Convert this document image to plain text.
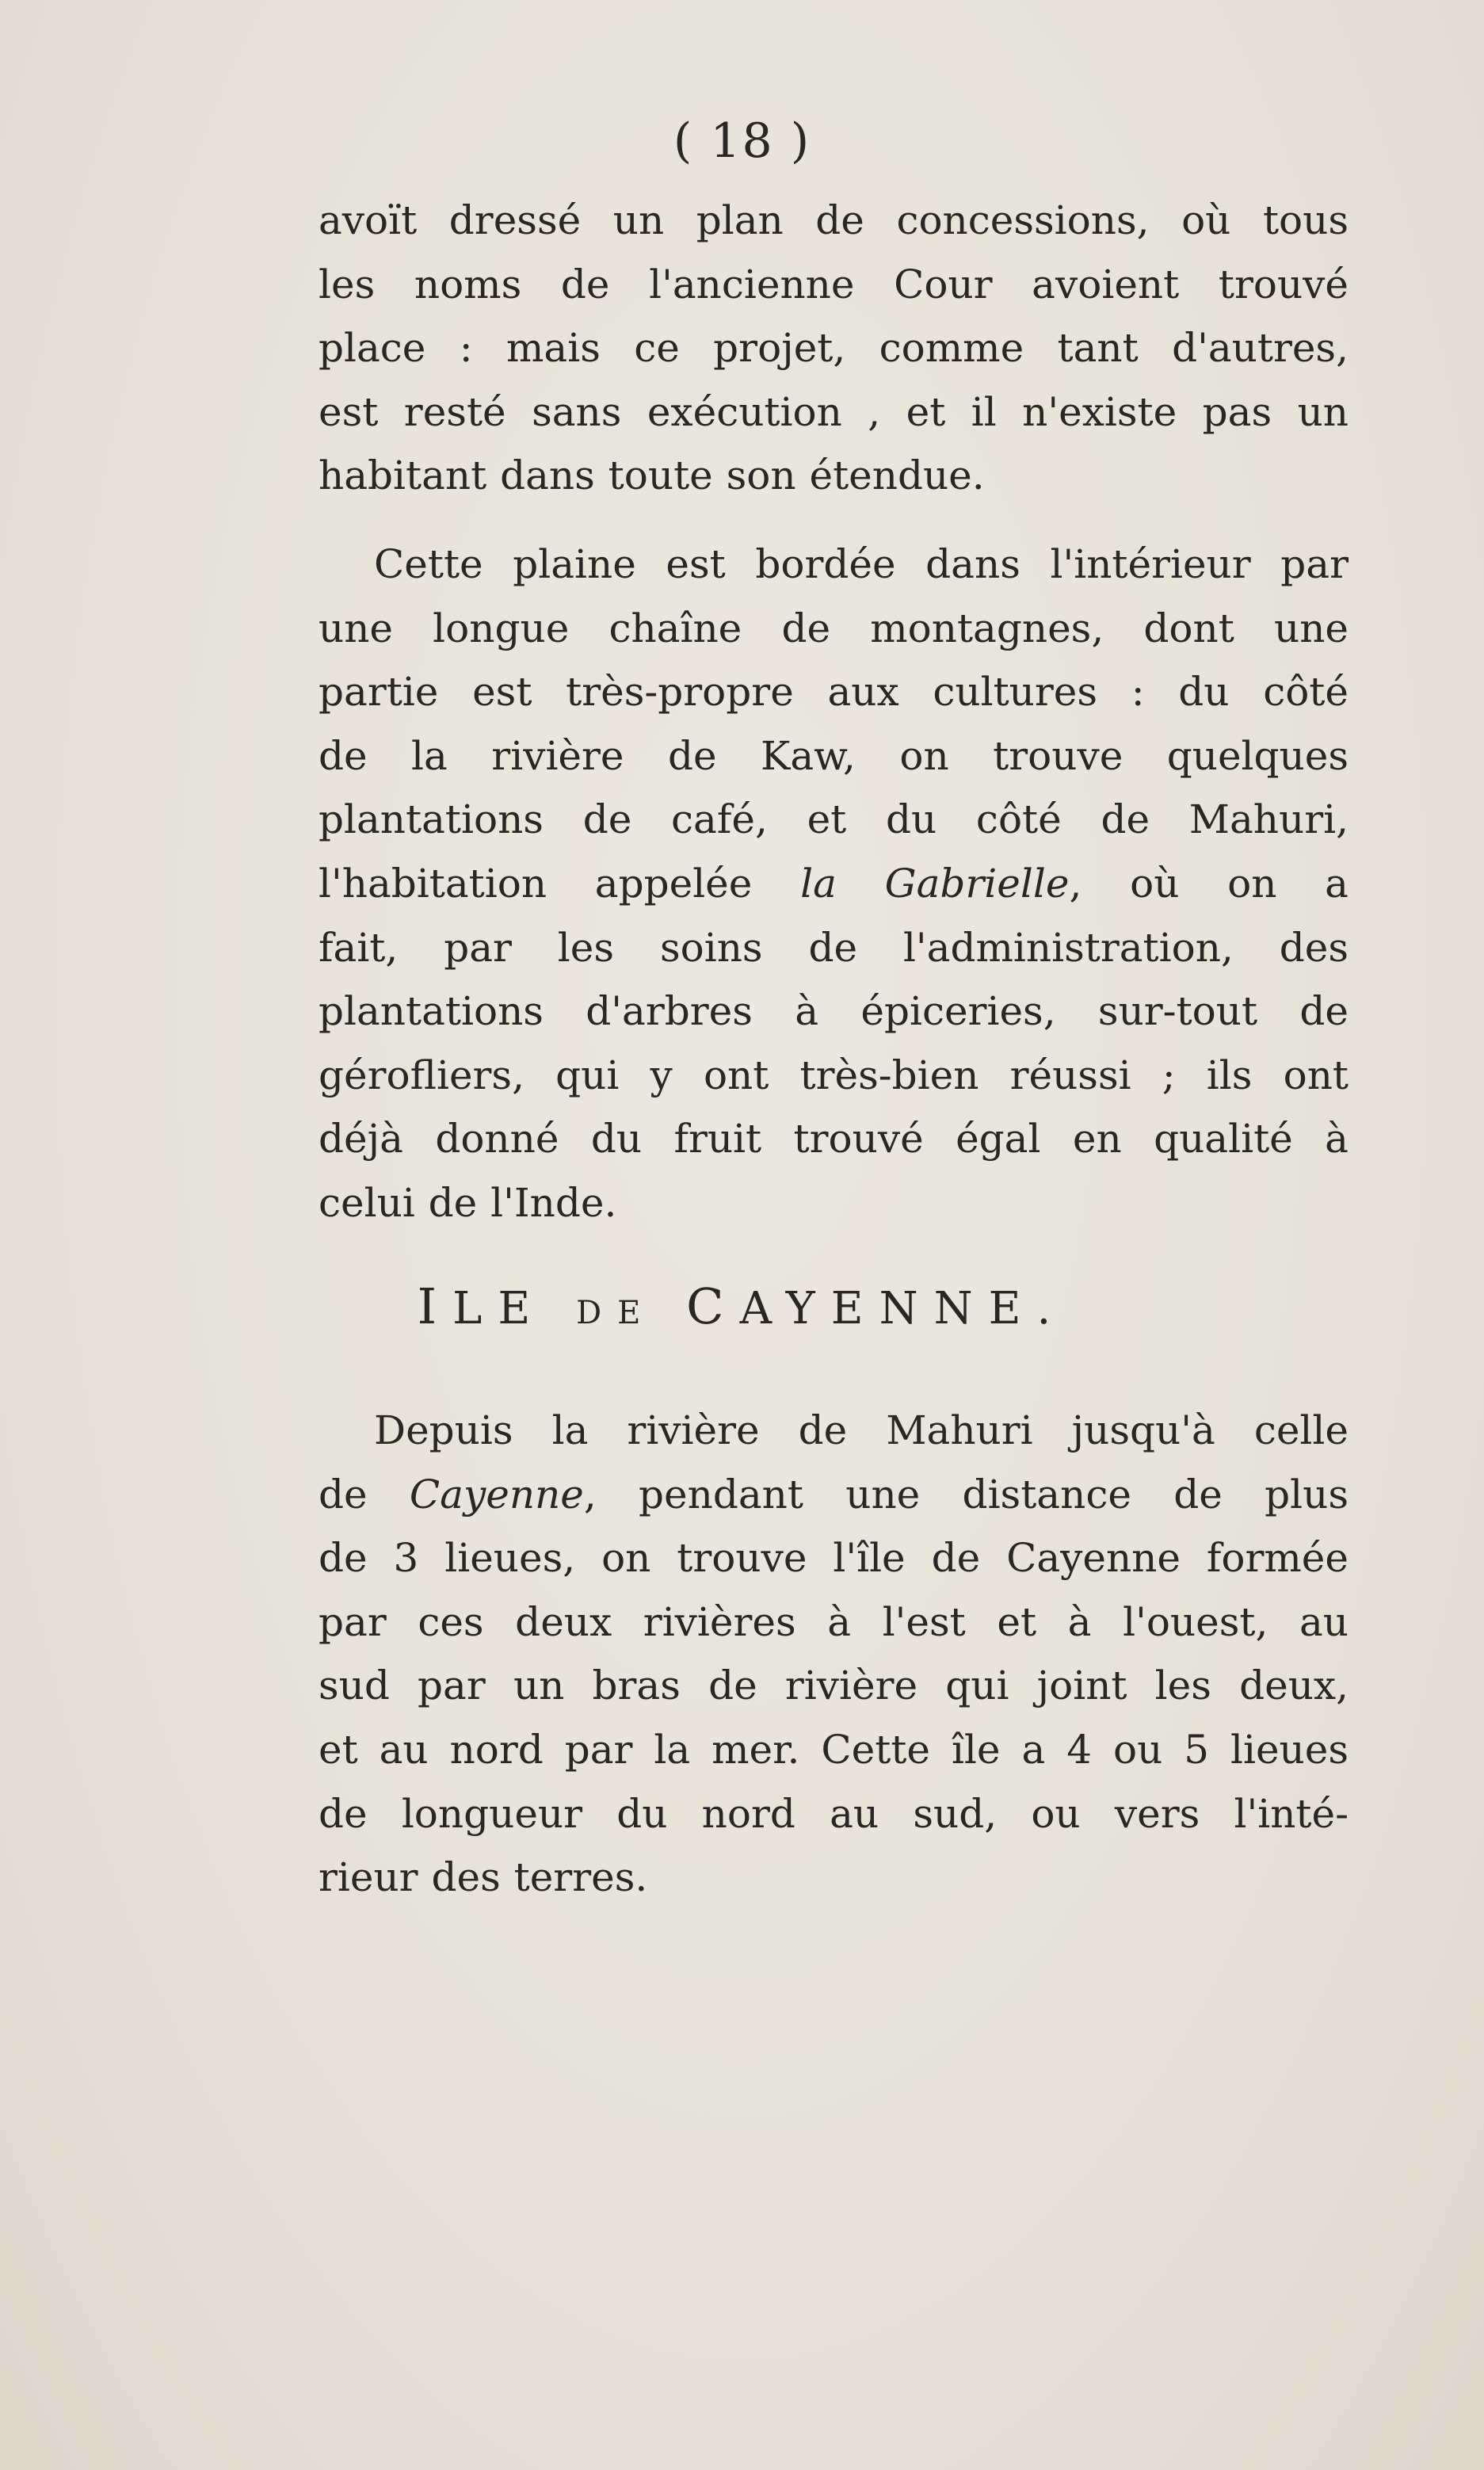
( 18 )
avoït dressé un plan de concessions, où tous
les noms de l'ancienne Cour avoient trouvé
place : mais ce projet, comme tant d'autres,
est resté sans exécution , et il n'existe pas un
habitant dans toute son étendue.
Cette plaine est bordée dans l'intérieur par
une longue chaîne de montagnes, dont une
partie est très-propre aux cultures : du côté
de la rivière de Kaw, on trouve quelques
plantations de café, et du côté de Mahuri,
l'habitation appelée la Gabrielle, où on a
fait, par les soins de l'administration, des
plantations d'arbres à épiceries, sur-tout de
gérofliers, qui y ont très-bien réussi ; ils ont
déjà donné du fruit trouvé égal en qualité à
celui de l'Inde.
ILE DE CAYENNE.
Depuis la rivière de Mahuri jusqu'à celle
de Cayenne, pendant une distance de plus
de 3 lieues, on trouve l'île de Cayenne formée
par ces deux rivières à l'est et à l'ouest, au
sud par un bras de rivière qui joint les deux,
et au nord par la mer. Cette île a 4 ou 5 lieues
de longueur du nord au sud, ou vers l'inté-
rieur des terres.
